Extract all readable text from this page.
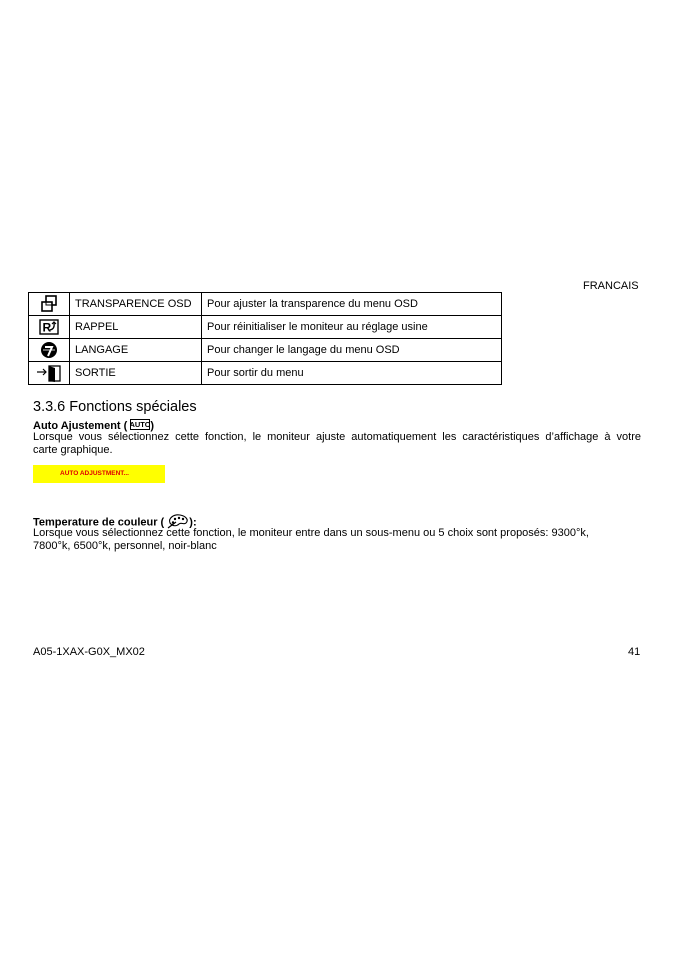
FRANCAIS
	TRANSPARENCE OSD	Pour ajuster la transparence du menu OSD

R	RAPPEL	Pour réinitialiser le moniteur au réglage usine

	LANGAGE	Pour changer le langage du menu OSD

	SORTIE	Pour sortir du menu
3.3.6 Fonctions spéciales
Auto Ajustement ( AUTO )
Lorsque vous sélectionnez cette fonction, le moniteur ajuste automatiquement les caractéristiques d’affichage à votre
carte graphique.
AUTO ADJUSTMENT...
Temperature de couleur ( ):
Lorsque vous sélectionnez cette fonction, le moniteur entre dans un sous-menu ou 5 choix sont proposés: 9300°k,
7800°k, 6500°k, personnel, noir-blanc
A05-1XAX-G0X_MX02	41
